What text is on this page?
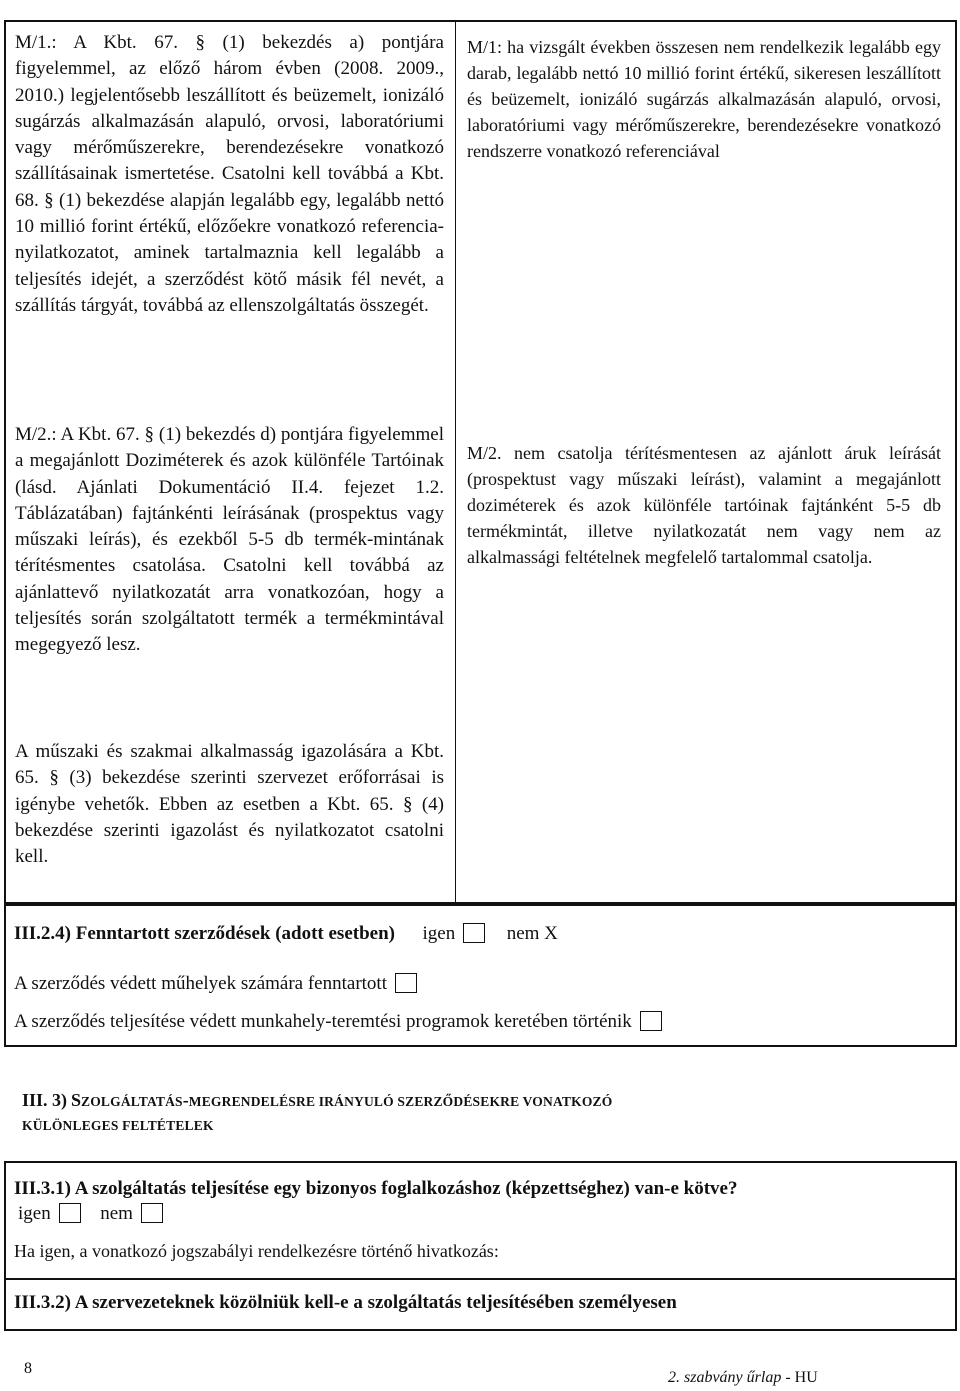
M/1.: A Kbt. 67. § (1) bekezdés a) pontjára figyelemmel, az előző három évben (2008. 2009., 2010.) legjelentősebb leszállított és beüzemelt, ionizáló sugárzás alkalmazásán alapuló, orvosi, laboratóriumi vagy mérőműszerekre, berendezésekre vonatkozó szállításainak ismertetése. Csatolni kell továbbá a Kbt. 68. § (1) bekezdése alapján legalább egy, legalább nettó 10 millió forint értékű, előzőekre vonatkozó referencia-nyilatkozatot, aminek tartalmaznia kell legalább a teljesítés idejét, a szerződést kötő másik fél nevét, a szállítás tárgyát, továbbá az ellenszolgáltatás összegét.

M/2.: A Kbt. 67. § (1) bekezdés d) pontjára figyelemmel a megajánlott Doziméterek és azok különféle Tartóinak (lásd. Ajánlati Dokumentáció II.4. fejezet 1.2. Táblázatában) fajtánkénti leírásának (prospektus vagy műszaki leírás), és ezekből 5-5 db termék-mintának térítésmentes csatolása. Csatolni kell továbbá az ajánlattevő nyilatkozatát arra vonatkozóan, hogy a teljesítés során szolgáltatott termék a termékmintával megegyező lesz.

A műszaki és szakmai alkalmasság igazolására a Kbt. 65. § (3) bekezdése szerinti szervezet erőforrásai is igénybe vehetők. Ebben az esetben a Kbt. 65. § (4) bekezdése szerinti igazolást és nyilatkozatot csatolni kell.

M/1: ha vizsgált években összesen nem rendelkezik legalább egy darab, legalább nettó 10 millió forint értékű, sikeresen leszállított és beüzemelt, ionizáló sugárzás alkalmazásán alapuló, orvosi, laboratóriumi vagy mérőműszerekre, berendezésekre vonatkozó rendszerre vonatkozó referenciával

M/2. nem csatolja térítésmentesen az ajánlott áruk leírását (prospektust vagy műszaki leírást), valamint a megajánlott doziméterek és azok különféle tartóinak fajtánként 5-5 db termékmintát, illetve nyilatkozatát nem vagy nem az alkalmassági feltételnek megfelelő tartalommal csatolja.

III.2.4) Fenntartott szerződések (adott esetben) igen	nem X
A szerződés védett műhelyek számára fenntartott
A szerződés teljesítése védett munkahely-teremtési programok keretében történik
III. 3) SZOLGÁLTATÁS-MEGRENDELÉSRE IRÁNYULÓ SZERZŐDÉSEKRE VONATKOZÓ
KÜLÖNLEGES FELTÉTELEK
III.3.1) A szolgáltatás teljesítése egy bizonyos foglalkozáshoz (képzettséghez) van-e kötve?
igen	nem
Ha igen, a vonatkozó jogszabályi rendelkezésre történő hivatkozás:
III.3.2) A szervezeteknek közölniük kell-e a szolgáltatás teljesítésében személyesen
8
2. szabvány űrlap - HU
